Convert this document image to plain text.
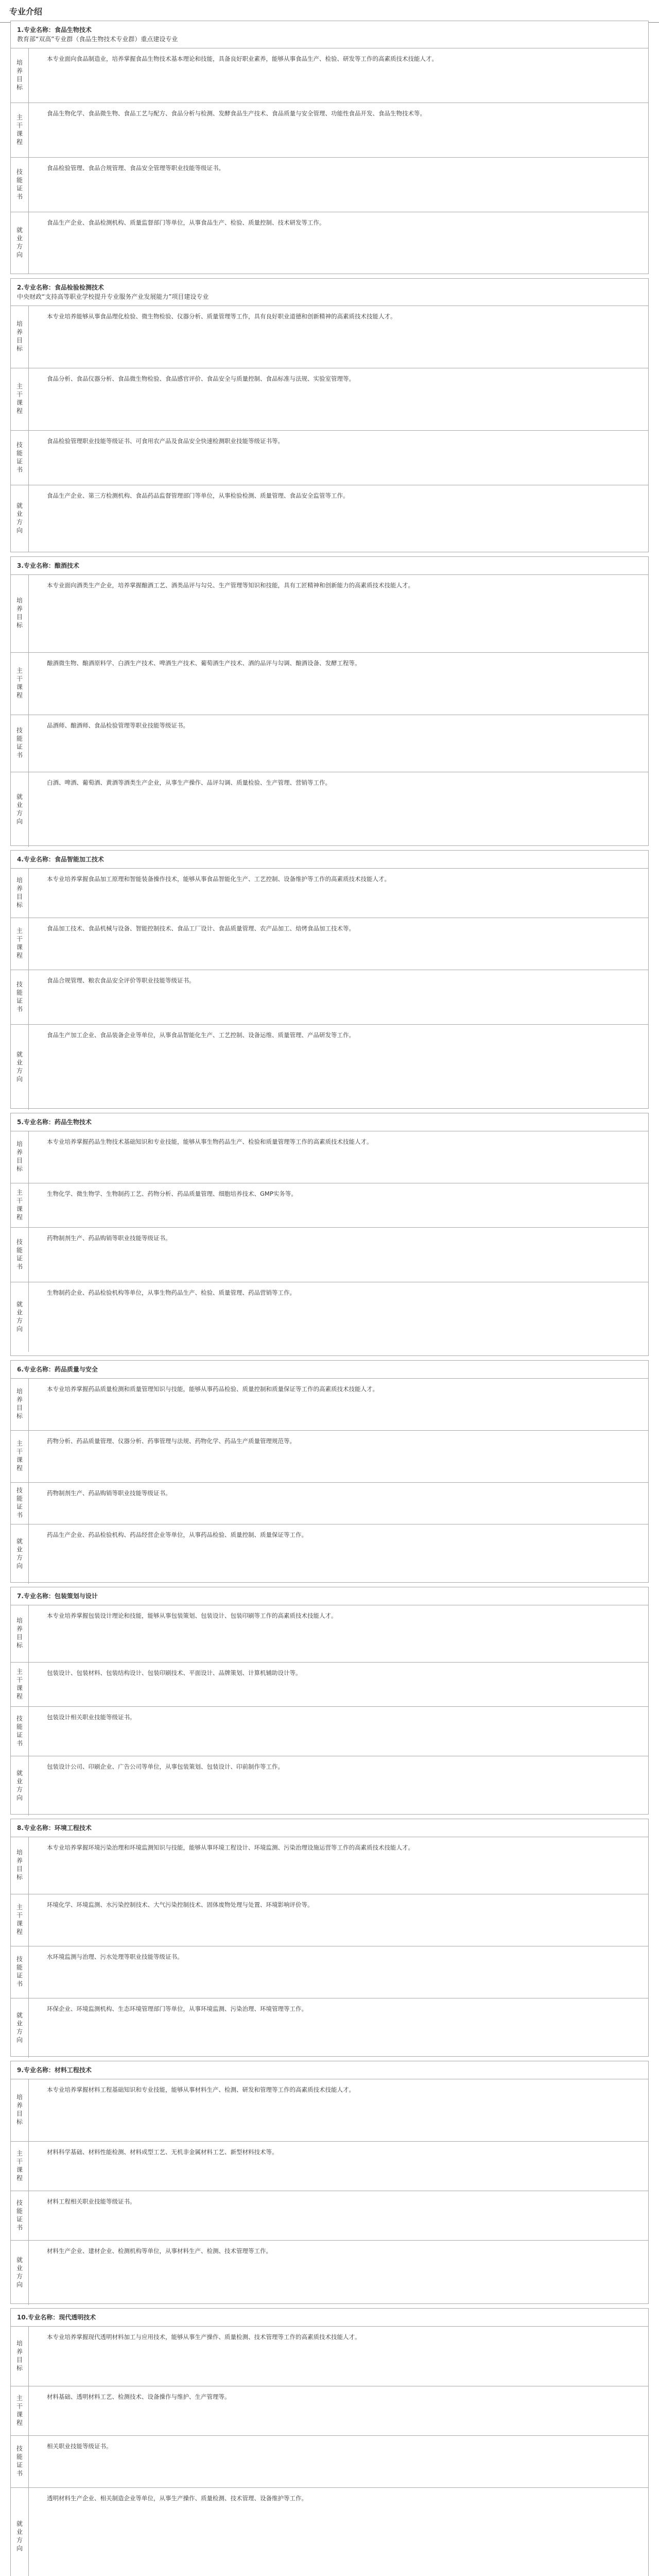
专业介绍
1.专业名称：食品生物技术
教育部“双高”专业群（食品生物技术专业群）重点建设专业
培养目标
本专业面向食品制造业，培养掌握食品生物技术基本理论和技能，具备良好职业素养，能够从事食品生产、检验、研发等工作的高素质技术技能人才。
主干课程
食品生物化学、食品微生物、食品工艺与配方、食品分析与检测、发酵食品生产技术、食品质量与安全管理、功能性食品开发、食品生物技术等。
技能证书
食品检验管理、食品合规管理、食品安全管理等职业技能等级证书。
就业方向
食品生产企业、食品检测机构、质量监督部门等单位，从事食品生产、检验、质量控制、技术研发等工作。
2.专业名称：食品检验检测技术
中央财政“支持高等职业学校提升专业服务产业发展能力”项目建设专业
培养目标
本专业培养能够从事食品理化检验、微生物检验、仪器分析、质量管理等工作，具有良好职业道德和创新精神的高素质技术技能人才。
主干课程
食品分析、食品仪器分析、食品微生物检验、食品感官评价、食品安全与质量控制、食品标准与法规、实验室管理等。
技能证书
食品检验管理职业技能等级证书、可食用农产品及食品安全快速检测职业技能等级证书等。
就业方向
食品生产企业、第三方检测机构、食品药品监督管理部门等单位，从事检验检测、质量管理、食品安全监管等工作。
3.专业名称：酿酒技术
培养目标
本专业面向酒类生产企业，培养掌握酿酒工艺、酒类品评与勾兑、生产管理等知识和技能，具有工匠精神和创新能力的高素质技术技能人才。
主干课程
酿酒微生物、酿酒原料学、白酒生产技术、啤酒生产技术、葡萄酒生产技术、酒的品评与勾调、酿酒设备、发酵工程等。
技能证书
品酒师、酿酒师、食品检验管理等职业技能等级证书。
就业方向
白酒、啤酒、葡萄酒、黄酒等酒类生产企业，从事生产操作、品评勾调、质量检验、生产管理、营销等工作。
4.专业名称：食品智能加工技术
培养目标	本专业培养掌握食品加工原理和智能装备操作技术，能够从事食品智能化生产、工艺控制、设备维护等工作的高素质技术技能人才。
主干课程	食品加工技术、食品机械与设备、智能控制技术、食品工厂设计、食品质量管理、农产品加工、焙烤食品加工技术等。
技能证书
食品合规管理、粮农食品安全评价等职业技能等级证书。
就业方向
食品生产加工企业、食品装备企业等单位，从事食品智能化生产、工艺控制、设备运维、质量管理、产品研发等工作。
5.专业名称：药品生物技术
培养目标	本专业培养掌握药品生物技术基础知识和专业技能，能够从事生物药品生产、检验和质量管理等工作的高素质技术技能人才。
主干课程	生物化学、微生物学、生物制药工艺、药物分析、药品质量管理、细胞培养技术、GMP实务等。
技能证书
药物制剂生产、药品购销等职业技能等级证书。
就业方向
生物制药企业、药品检验机构等单位，从事生物药品生产、检验、质量管理、药品营销等工作。
6.专业名称：药品质量与安全
培养目标	本专业培养掌握药品质量检测和质量管理知识与技能，能够从事药品检验、质量控制和质量保证等工作的高素质技术技能人才。
主干课程	药物分析、药品质量管理、仪器分析、药事管理与法规、药物化学、药品生产质量管理规范等。
技能证书	药物制剂生产、药品购销等职业技能等级证书。
就业方向
药品生产企业、药品检验机构、药品经营企业等单位，从事药品检验、质量控制、质量保证等工作。
7.专业名称：包装策划与设计
培养目标
本专业培养掌握包装设计理论和技能，能够从事包装策划、包装设计、包装印刷等工作的高素质技术技能人才。
主干课程	包装设计、包装材料、包装结构设计、包装印刷技术、平面设计、品牌策划、计算机辅助设计等。
技能证书	包装设计相关职业技能等级证书。
就业方向
包装设计公司、印刷企业、广告公司等单位，从事包装策划、包装设计、印前制作等工作。
8.专业名称：环境工程技术
培养目标
本专业培养掌握环境污染治理和环境监测知识与技能，能够从事环境工程设计、环境监测、污染治理设施运营等工作的高素质技术技能人才。
主干课程	环境化学、环境监测、水污染控制技术、大气污染控制技术、固体废物处理与处置、环境影响评价等。
技能证书	水环境监测与治理、污水处理等职业技能等级证书。
就业方向
环保企业、环境监测机构、生态环境管理部门等单位，从事环境监测、污染治理、环境管理等工作。
9.专业名称：材料工程技术
培养目标
本专业培养掌握材料工程基础知识和专业技能，能够从事材料生产、检测、研发和管理等工作的高素质技术技能人才。
主干课程	材料科学基础、材料性能检测、材料成型工艺、无机非金属材料工艺、新型材料技术等。
技能证书	材料工程相关职业技能等级证书。
就业方向
材料生产企业、建材企业、检测机构等单位，从事材料生产、检测、技术管理等工作。
10.专业名称：现代透明技术
培养目标
本专业培养掌握现代透明材料加工与应用技术，能够从事生产操作、质量检测、技术管理等工作的高素质技术技能人才。
主干课程	材料基础、透明材料工艺、检测技术、设备操作与维护、生产管理等。
技能证书	相关职业技能等级证书。
就业方向
透明材料生产企业、相关制造企业等单位，从事生产操作、质量检测、技术管理、设备维护等工作。
